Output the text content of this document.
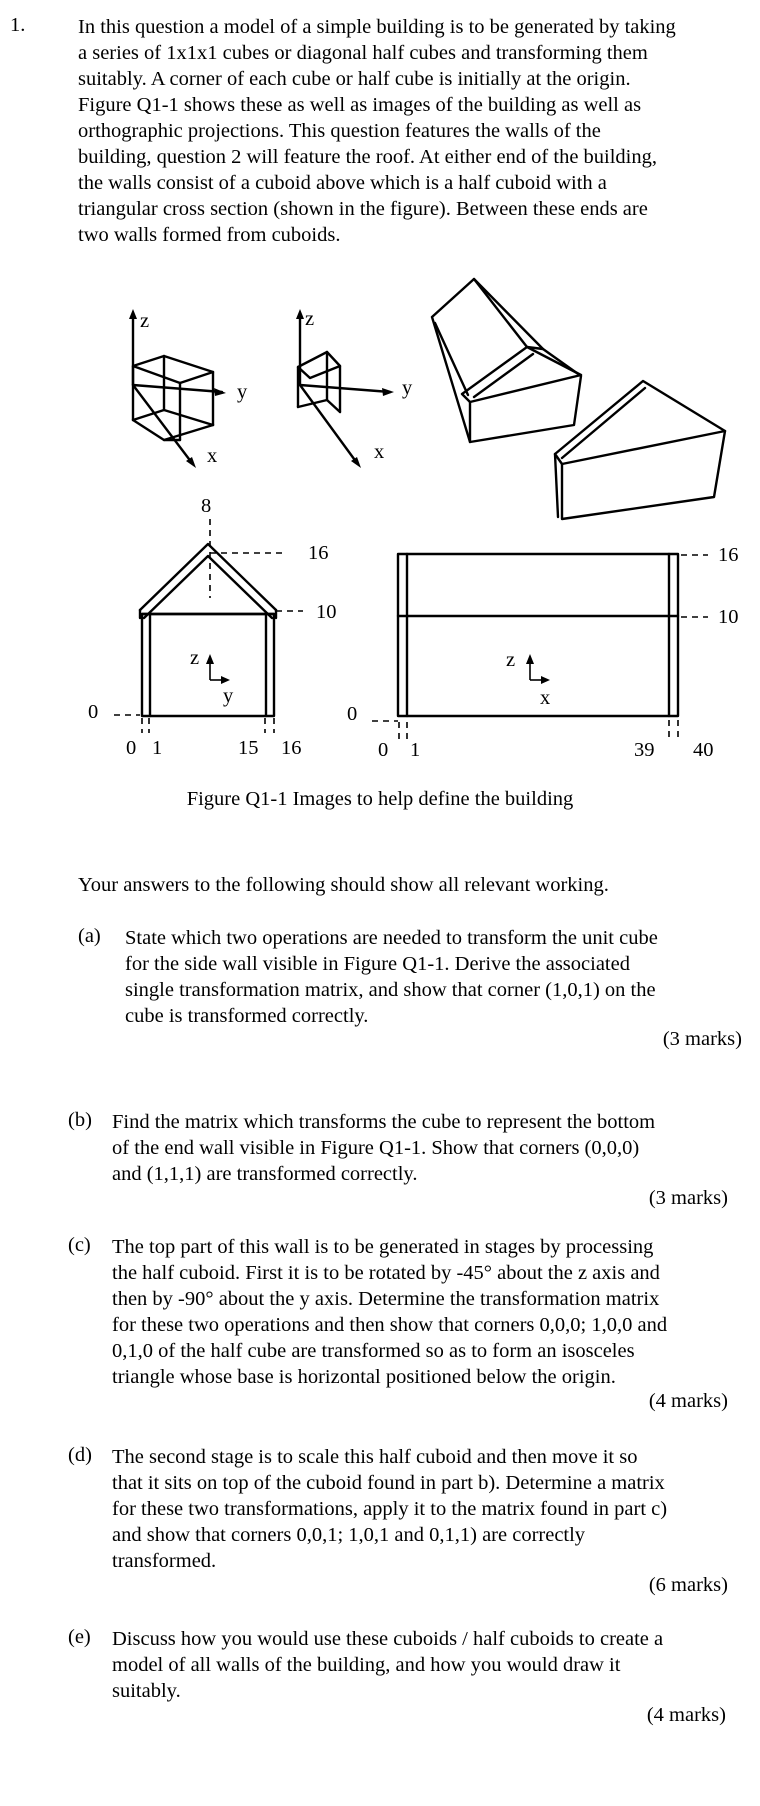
1.	In this question a model of a simple building is to be generated by taking
a series of 1x1x1 cubes or diagonal half cubes and transforming them
suitably. A corner of each cube or half cube is initially at the origin.
Figure Q1-1 shows these as well as images of the building as well as
orthographic projections. This question features the walls of the
building, question 2 will feature the roof. At either end of the building,
the walls consist of a cuboid above which is a half cuboid with a
triangular cross section (shown in the figure). Between these ends are
two walls formed from cuboids.
z
y
x
z
y
x
8
16
10
0
0 1	15 16
z
y
16
10
0
0 1	39 40
z
x
Figure Q1-1 Images to help define the building
Your answers to the following should show all relevant working.
(a) State which two operations are needed to transform the unit cube
for the side wall visible in Figure Q1-1. Derive the associated
single transformation matrix, and show that corner (1,0,1) on the
cube is transformed correctly.
(3 marks)
(b) Find the matrix which transforms the cube to represent the bottom
of the end wall visible in Figure Q1-1. Show that corners (0,0,0)
and (1,1,1) are transformed correctly.
(3 marks)
(c) The top part of this wall is to be generated in stages by processing
the half cuboid. First it is to be rotated by -45° about the z axis and
then by -90° about the y axis. Determine the transformation matrix
for these two operations and then show that corners 0,0,0; 1,0,0 and
0,1,0 of the half cube are transformed so as to form an isosceles
triangle whose base is horizontal positioned below the origin.
(4 marks)
(d) The second stage is to scale this half cuboid and then move it so
that it sits on top of the cuboid found in part b). Determine a matrix
for these two transformations, apply it to the matrix found in part c)
and show that corners 0,0,1; 1,0,1 and 0,1,1) are correctly
transformed.
(6 marks)
(e) Discuss how you would use these cuboids / half cuboids to create a
model of all walls of the building, and how you would draw it
suitably.
(4 marks)
